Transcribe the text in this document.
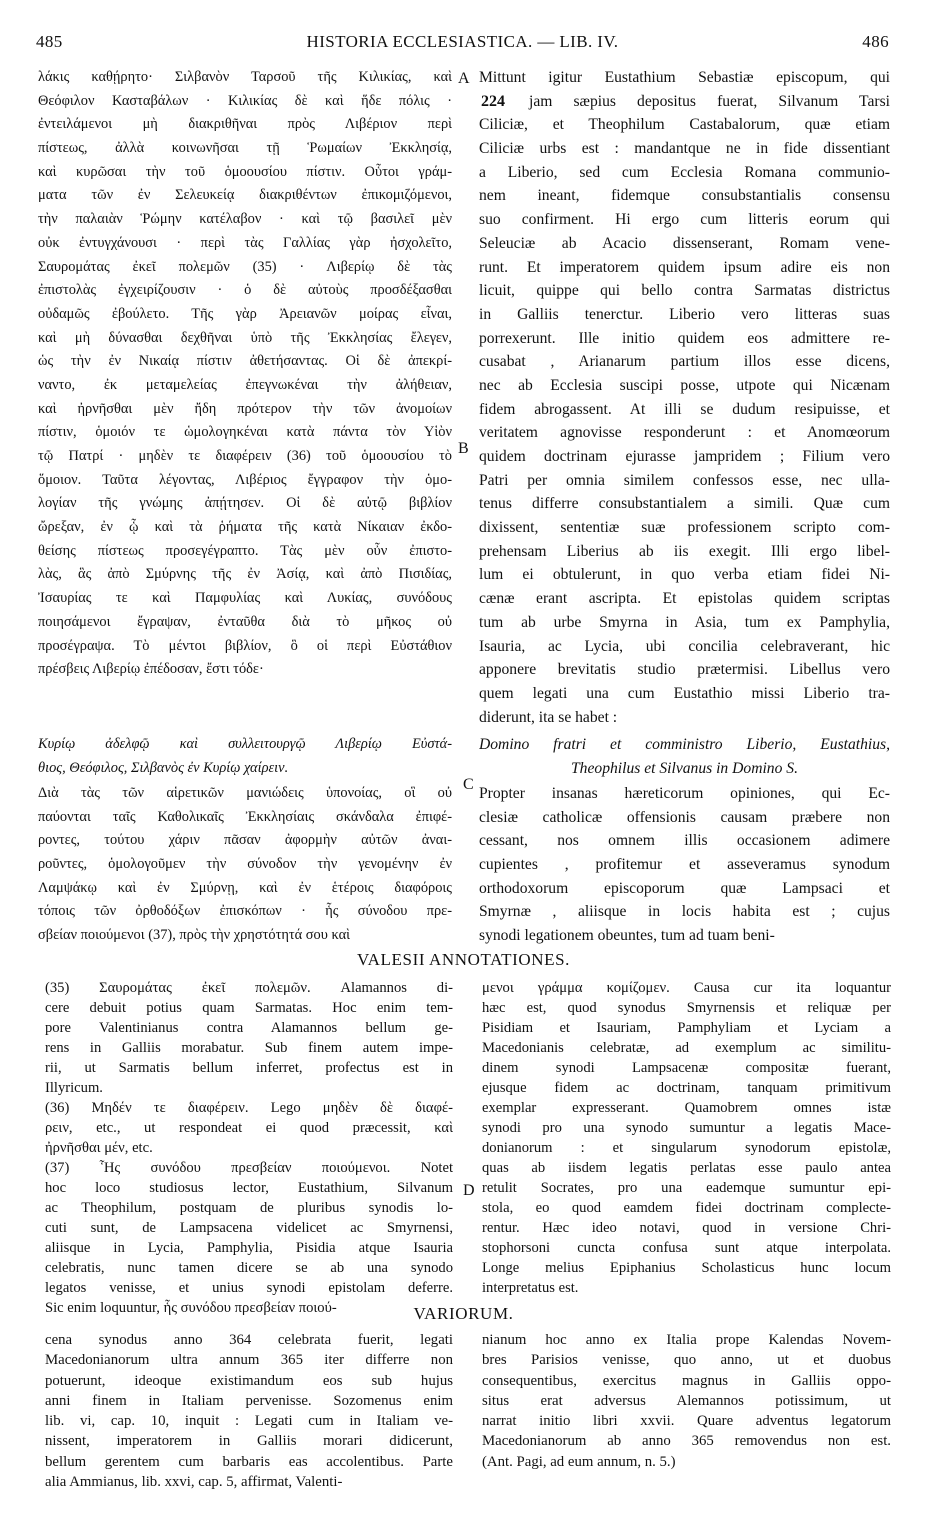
485	HISTORIA ECCLESIASTICA. — LIB. IV.	486
A
B
C
D
224
λάκις καθῄρητο· Σιλβανὸν Ταρσοῦ τῆς Κιλικίας, καὶ
Θεόφιλον Κασταβάλων · Κιλικίας δὲ καὶ ἥδε πόλις ·
ἐντειλάμενοι μὴ διακριθῆναι πρὸς Λιβέριον περὶ
πίστεως, ἀλλὰ κοινωνῆσαι τῇ Ῥωμαίων Ἐκκλησίᾳ,
καὶ κυρῶσαι τὴν τοῦ ὁμοουσίου πίστιν. Οὗτοι γράμ-
ματα τῶν ἐν Σελευκείᾳ διακριθέντων ἐπικομιζόμενοι,
τὴν παλαιὰν Ῥώμην κατέλαβον · καὶ τῷ βασιλεῖ μὲν
οὐκ ἐντυγχάνουσι · περὶ τὰς Γαλλίας γὰρ ἠσχολεῖτο,
Σαυρομάτας ἐκεῖ πολεμῶν (35) · Λιβερίῳ δὲ τὰς
ἐπιστολὰς ἐγχειρίζουσιν · ὁ δὲ αὐτοὺς προσδέξασθαι
οὐδαμῶς ἐβούλετο. Τῆς γὰρ Ἀρειανῶν μοίρας εἶναι,
καὶ μὴ δύνασθαι δεχθῆναι ὑπὸ τῆς Ἐκκλησίας ἔλεγεν,
ὡς τὴν ἐν Νικαίᾳ πίστιν ἀθετήσαντας. Οἱ δὲ ἀπεκρί-
ναντο, ἐκ μεταμελείας ἐπεγνωκέναι τὴν ἀλήθειαν,
καὶ ἠρνῆσθαι μὲν ἤδη πρότερον τὴν τῶν ἀνομοίων
πίστιν, ὁμοιόν τε ὡμολογηκέναι κατὰ πάντα τὸν Υἱὸν
τῷ Πατρί · μηδὲν τε διαφέρειν (36) τοῦ ὁμοουσίου τὸ
ὅμοιον. Ταῦτα λέγοντας, Λιβέριος ἔγγραφον τὴν ὁμο-
λογίαν τῆς γνώμης ἀπῄτησεν. Οἱ δὲ αὐτῷ βιβλίον
ὤρεξαν, ἐν ᾧ καὶ τὰ ῥήματα τῆς κατὰ Νίκαιαν ἐκδο-
θείσης πίστεως προσεγέγραπτο. Τὰς μὲν οὖν ἐπιστο-
λὰς, ἃς ἀπὸ Σμύρνης τῆς ἐν Ἀσίᾳ, καὶ ἀπὸ Πισιδίας,
Ἰσαυρίας τε καὶ Παμφυλίας καὶ Λυκίας, συνόδους
ποιησάμενοι ἔγραψαν, ἐνταῦθα διὰ τὸ μῆκος οὐ
προσέγραψα. Τὸ μέντοι βιβλίον, ὃ οἱ περὶ Εὐστάθιον
πρέσβεις Λιβερίῳ ἐπέδοσαν, ἔστι τόδε·
Mittunt igitur Eustathium Sebastiæ episcopum, qui
jam sæpius depositus fuerat, Silvanum Tarsi
Ciliciæ, et Theophilum Castabalorum, quæ etiam
Ciliciæ urbs est : mandantque ne in fide dissentiant
a Liberio, sed cum Ecclesia Romana communio-
nem ineant, fidemque consubstantialis consensu
suo confirment. Hi ergo cum litteris eorum qui
Seleuciæ ab Acacio dissenserant, Romam vene-
runt. Et imperatorem quidem ipsum adire eis non
licuit, quippe qui bello contra Sarmatas districtus
in Galliis tenerctur. Liberio vero litteras suas
porrexerunt. Ille initio quidem eos admittere re-
cusabat , Arianarum partium illos esse dicens,
nec ab Ecclesia suscipi posse, utpote qui Nicænam
fidem abrogassent. At illi se dudum resipuisse, et
veritatem agnovisse responderunt : et Anomœorum
quidem doctrinam ejurasse jampridem ; Filium vero
Patri per omnia similem confessos esse, nec ulla-
tenus differre consubstantialem a simili. Quæ cum
dixissent, sententiæ suæ professionem scripto com-
prehensam Liberius ab iis exegit. Illi ergo libel-
lum ei obtulerunt, in quo verba etiam fidei Ni-
cænæ erant ascripta. Et epistolas quidem scriptas
tum ab urbe Smyrna in Asia, tum ex Pamphylia,
Isauria, ac Lycia, ubi concilia celebraverant, hic
apponere brevitatis studio prætermisi. Libellus vero
quem legati una cum Eustathio missi Liberio tra-
diderunt, ita se habet :
Κυρίῳ ἀδελφῷ καὶ συλλειτουργῷ Λιβερίῳ Εὐστά-
θιος, Θεόφιλος, Σιλβανὸς ἐν Κυρίῳ χαίρειν.
Domino fratri et comministro Liberio, Eustathius,
Theophilus et Silvanus in Domino S.
Διὰ τὰς τῶν αἱρετικῶν μανιώδεις ὑπονοίας, οἳ οὐ
παύονται ταῖς Καθολικαῖς Ἐκκλησίαις σκάνδαλα ἐπιφέ-
ροντες, τούτου χάριν πᾶσαν ἀφορμὴν αὐτῶν ἀναι-
ροῦντες, ὁμολογοῦμεν τὴν σύνοδον τὴν γενομένην ἐν
Λαμψάκῳ καὶ ἐν Σμύρνῃ, καὶ ἐν ἑτέροις διαφόροις
τόποις τῶν ὀρθοδόξων ἐπισκόπων · ἧς σύνοδου πρε-
σβείαν ποιούμενοι (37), πρὸς τὴν χρηστότητά σου καὶ
Propter insanas hæreticorum opiniones, qui Ec-
clesiæ catholicæ offensionis causam præbere non
cessant, nos omnem illis occasionem adimere
cupientes , profitemur et asseveramus synodum
orthodoxorum episcoporum quæ Lampsaci et
Smyrnæ , aliisque in locis habita est ; cujus
synodi legationem obeuntes, tum ad tuam beni-
VALESII ANNOTATIONES.
(35) Σαυρομάτας ἐκεῖ πολεμῶν. Alamannos di-
cere debuit potius quam Sarmatas. Hoc enim tem-
pore Valentinianus contra Alamannos bellum ge-
rens in Galliis morabatur. Sub finem autem impe-
rii, ut Sarmatis bellum inferret, profectus est in
Illyricum.
(36) Μηδέν τε διαφέρειν. Lego μηδὲν δὲ διαφέ-
ρειν, etc., ut respondeat ei quod præcessit, καὶ
ἠρνῆσθαι μέν, etc.
(37) Ἧς συνόδου πρεσβείαν ποιούμενοι. Notet
hoc loco studiosus lector, Eustathium, Silvanum
ac Theophilum, postquam de pluribus synodis lo-
cuti sunt, de Lampsacena videlicet ac Smyrnensi,
aliisque in Lycia, Pamphylia, Pisidia atque Isauria
celebratis, nunc tamen dicere se ab una synodo
legatos venisse, et unius synodi epistolam deferre.
Sic enim loquuntur, ἧς συνόδου πρεσβείαν ποιού-
μενοι γράμμα κομίζομεν. Causa cur ita loquantur
hæc est, quod synodus Smyrnensis et reliquæ per
Pisidiam et Isauriam, Pamphyliam et Lyciam a
Macedonianis celebratæ, ad exemplum ac similitu-
dinem synodi Lampsacenæ compositæ fuerant,
ejusque fidem ac doctrinam, tanquam primitivum
exemplar expresserant. Quamobrem omnes istæ
synodi pro una synodo sumuntur a legatis Mace-
donianorum : et singularum synodorum epistolæ,
quas ab iisdem legatis perlatas esse paulo antea
retulit Socrates, pro una eademque sumuntur epi-
stola, eo quod eamdem fidei doctrinam complecte-
rentur. Hæc ideo notavi, quod in versione Chri-
stophorsoni cuncta confusa sunt atque interpolata.
Longe melius Epiphanius Scholasticus hunc locum
interpretatus est.
VARIORUM.
cena synodus anno 364 celebrata fuerit, legati
Macedonianorum ultra annum 365 iter differre non
potuerunt, ideoque existimandum eos sub hujus
anni finem in Italiam pervenisse. Sozomenus enim
lib. vi, cap. 10, inquit : Legati cum in Italiam ve-
nissent, imperatorem in Galliis morari didicerunt,
bellum gerentem cum barbaris eas accolentibus. Parte
alia Ammianus, lib. xxvi, cap. 5, affirmat, Valenti-
nianum hoc anno ex Italia prope Kalendas Novem-
bres Parisios venisse, quo anno, ut et duobus
consequentibus, exercitus magnus in Galliis oppo-
situs erat adversus Alemannos potissimum, ut
narrat initio libri xxvii. Quare adventus legatorum
Macedonianorum ab anno 365 removendus non est.
(Ant. Pagi, ad eum annum, n. 5.)
